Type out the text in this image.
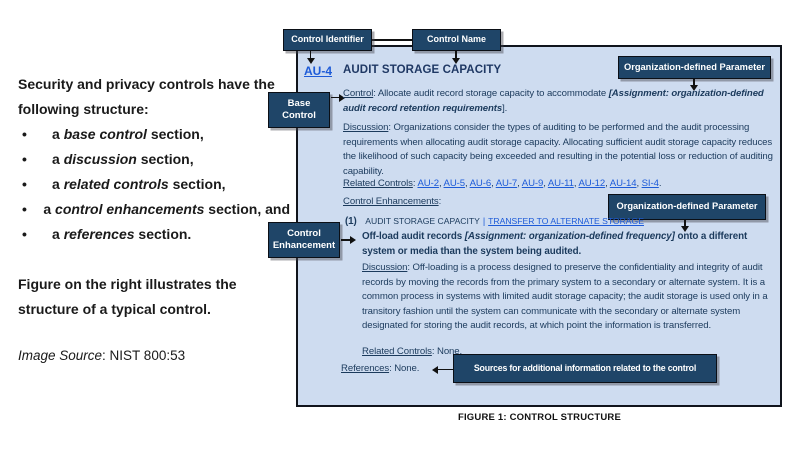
Security and privacy controls have the
following structure:
•	a base control section,
•	a discussion section,
•	a related controls section,
•	a control enhancements section, and
•	a references section.
Figure on the right illustrates the
structure of a typical control.
Image Source: NIST 800:53
Control Identifier	Control Name
Organization-defined Parameter
Base
Control
Organization-defined Parameter
Control
Enhancement
Sources for additional information related to the control
AU-4 AUDIT STORAGE CAPACITY
Control: Allocate audit record storage capacity to accommodate [Assignment: organization-defined audit record retention requirements].
Discussion: Organizations consider the types of auditing to be performed and the audit processing requirements when allocating audit storage capacity. Allocating sufficient audit storage capacity reduces the likelihood of such capacity being exceeded and resulting in the potential loss or reduction of auditing capability.
Related Controls: AU-2, AU-5, AU-6, AU-7, AU-9, AU-11, AU-12, AU-14, SI-4.
Control Enhancements:
(1) AUDIT STORAGE CAPACITY | TRANSFER TO ALTERNATE STORAGE
Off-load audit records [Assignment: organization-defined frequency] onto a different system or media than the system being audited.
Discussion: Off-loading is a process designed to preserve the confidentiality and integrity of audit records by moving the records from the primary system to a secondary or alternate system. It is a common process in systems with limited audit storage capacity; the audit storage is used only in a transitory fashion until the system can communicate with the secondary or alternate system designated for storing the audit records, at which point the information is transferred.
Related Controls: None.
References: None.
FIGURE 1: CONTROL STRUCTURE
